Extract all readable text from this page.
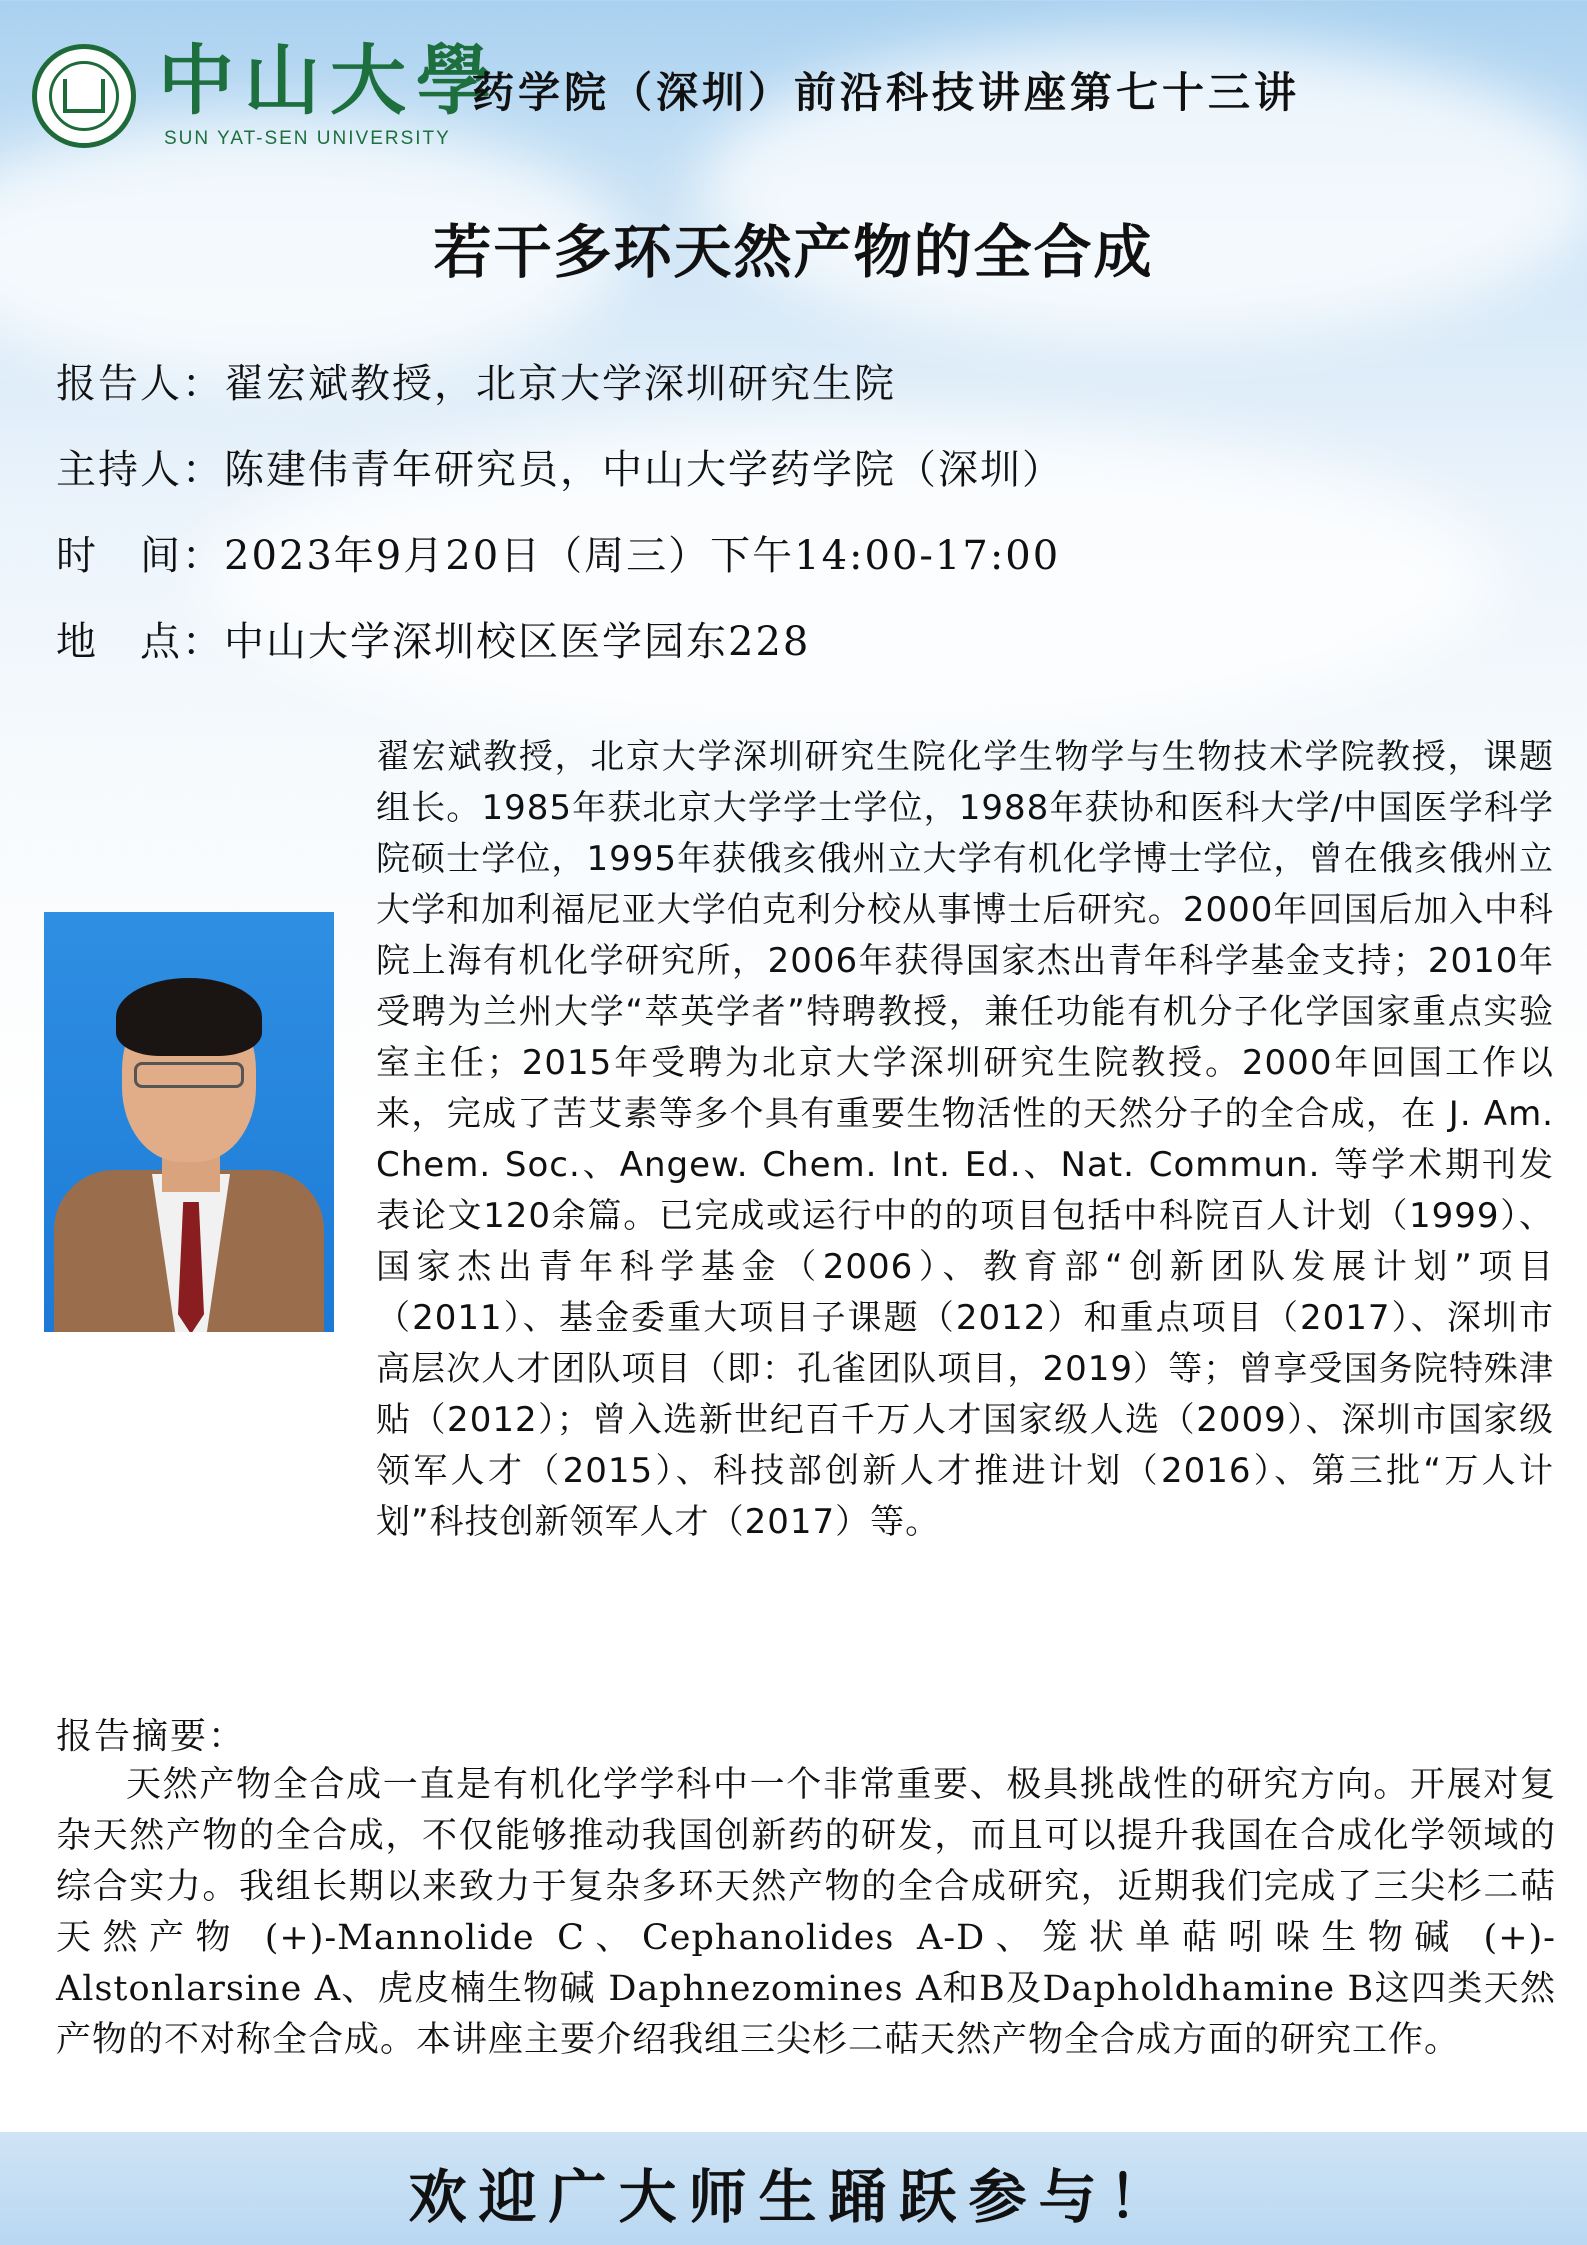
中山大學
SUN YAT-SEN UNIVERSITY
药学院（深圳）前沿科技讲座第七十三讲
若干多环天然产物的全合成
报告人：翟宏斌教授，北京大学深圳研究生院
主持人：陈建伟青年研究员，中山大学药学院（深圳）
时　间：2023年9月20日（周三）下午14:00-17:00
地　点：中山大学深圳校区医学园东228
翟宏斌教授，北京大学深圳研究生院化学生物学与生物技术学院教授，课题组长。1985年获北京大学学士学位，1988年获协和医科大学/中国医学科学院硕士学位，1995年获俄亥俄州立大学有机化学博士学位，曾在俄亥俄州立大学和加利福尼亚大学伯克利分校从事博士后研究。2000年回国后加入中科院上海有机化学研究所，2006年获得国家杰出青年科学基金支持；2010年受聘为兰州大学“萃英学者”特聘教授，兼任功能有机分子化学国家重点实验室主任；2015年受聘为北京大学深圳研究生院教授。2000年回国工作以来，完成了苦艾素等多个具有重要生物活性的天然分子的全合成，在 J. Am. Chem. Soc.、Angew. Chem. Int. Ed.、Nat. Commun. 等学术期刊发表论文120余篇。已完成或运行中的的项目包括中科院百人计划（1999）、国家杰出青年科学基金（2006）、教育部“创新团队发展计划”项目（2011）、基金委重大项目子课题（2012）和重点项目（2017）、深圳市高层次人才团队项目（即：孔雀团队项目，2019）等；曾享受国务院特殊津贴（2012）；曾入选新世纪百千万人才国家级人选（2009）、深圳市国家级领军人才（2015）、科技部创新人才推进计划（2016）、第三批“万人计划”科技创新领军人才（2017）等。
报告摘要：
天然产物全合成一直是有机化学学科中一个非常重要、极具挑战性的研究方向。开展对复杂天然产物的全合成，不仅能够推动我国创新药的研发，而且可以提升我国在合成化学领域的综合实力。我组长期以来致力于复杂多环天然产物的全合成研究，近期我们完成了三尖杉二萜天然产物 (+)-Mannolide C、Cephanolides A-D、笼状单萜吲哚生物碱 (+)-Alstonlarsine A、虎皮楠生物碱 Daphnezomines A和B及Dapholdhamine B这四类天然产物的不对称全合成。本讲座主要介绍我组三尖杉二萜天然产物全合成方面的研究工作。
欢迎广大师生踊跃参与！
